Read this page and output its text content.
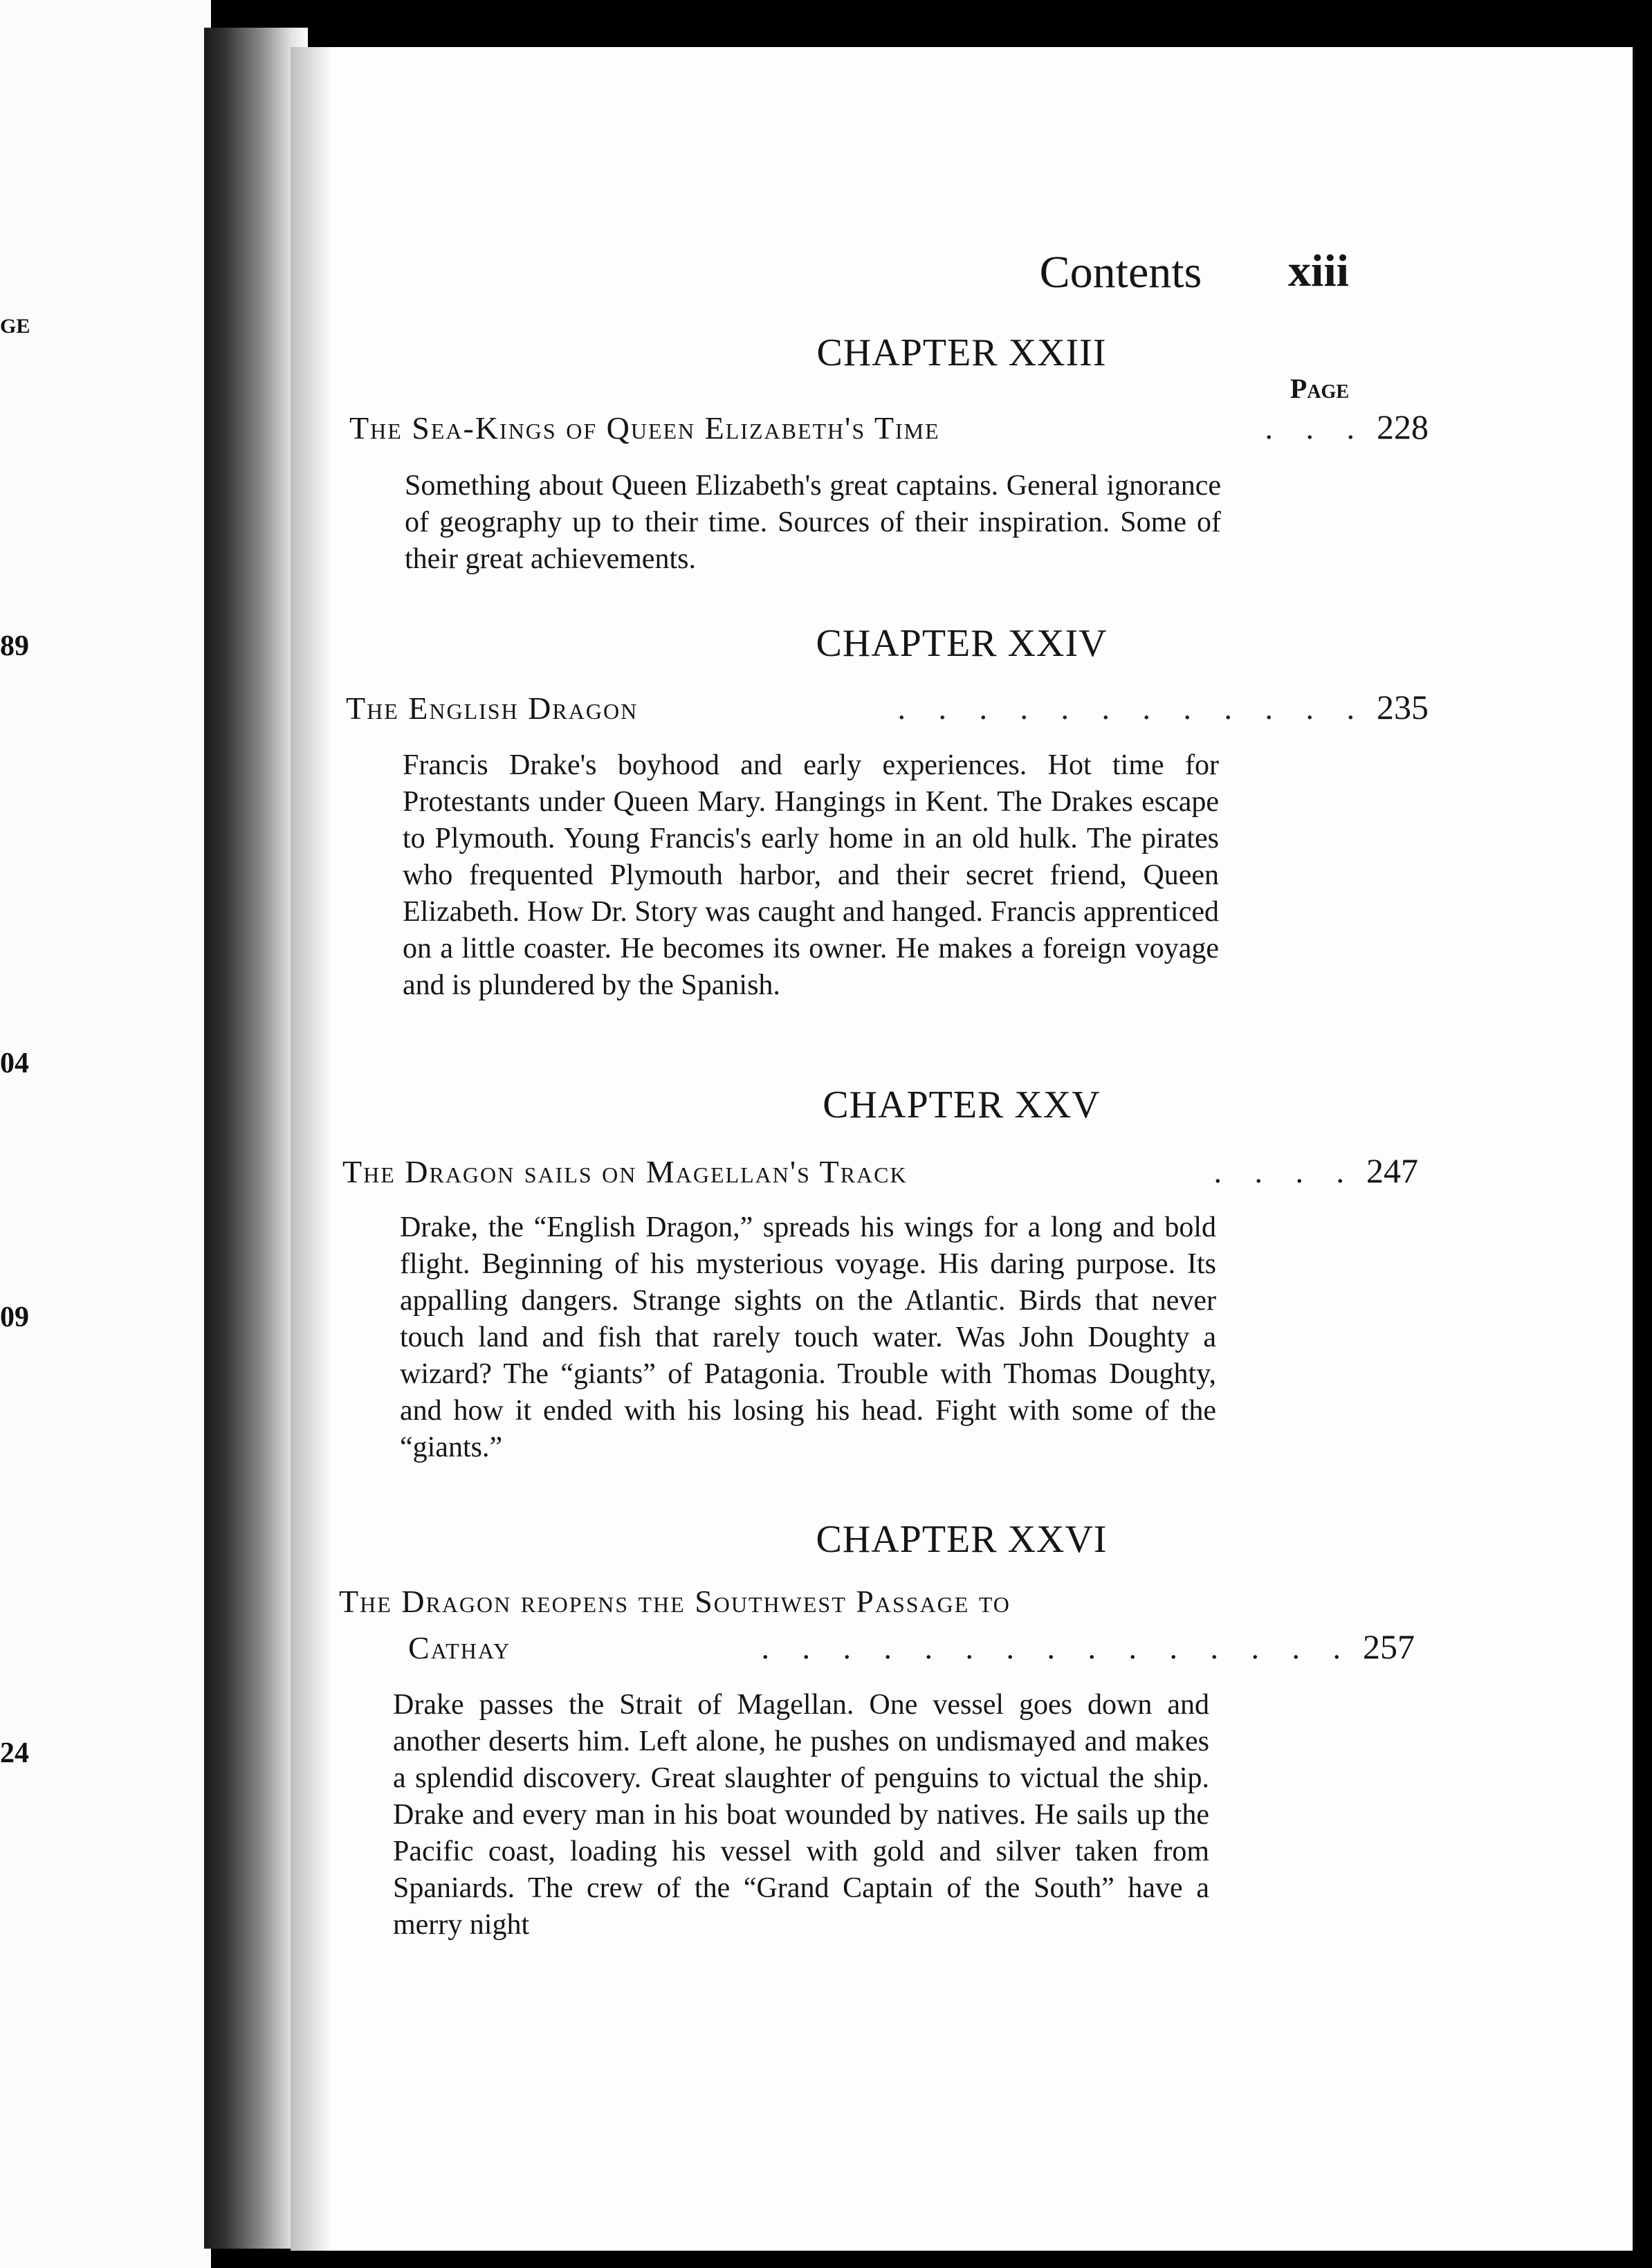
GE
89
04
09
24
Contents	xiii
Page
CHAPTER XXIII
The Sea-Kings of Queen Elizabeth's Time	. . . 228
Something about Queen Elizabeth's great captains. General ignorance of geography up to their time. Sources of their inspiration. Some of their great achievements.
CHAPTER XXIV
The English Dragon	. . . . . . . . . . . . 235
Francis Drake's boyhood and early experiences. Hot time for Protestants under Queen Mary. Hangings in Kent. The Drakes escape to Plymouth. Young Francis's early home in an old hulk. The pirates who frequented Plymouth harbor, and their secret friend, Queen Elizabeth. How Dr. Story was caught and hanged. Francis apprenticed on a little coaster. He becomes its owner. He makes a foreign voyage and is plundered by the Spanish.
CHAPTER XXV
The Dragon sails on Magellan's Track	. . . . 247
Drake, the “English Dragon,” spreads his wings for a long and bold flight. Beginning of his mysterious voyage. His daring purpose. Its appalling dangers. Strange sights on the Atlantic. Birds that never touch land and fish that rarely touch water. Was John Doughty a wizard? The “giants” of Patagonia. Trouble with Thomas Doughty, and how it ended with his losing his head. Fight with some of the “giants.”
CHAPTER XXVI
The Dragon reopens the Southwest Passage to
Cathay	. . . . . . . . . . . . . . . 257
Drake passes the Strait of Magellan. One vessel goes down and another deserts him. Left alone, he pushes on undismayed and makes a splendid discovery. Great slaughter of penguins to victual the ship. Drake and every man in his boat wounded by natives. He sails up the Pacific coast, loading his vessel with gold and silver taken from Spaniards. The crew of the “Grand Captain of the South” have a merry night
